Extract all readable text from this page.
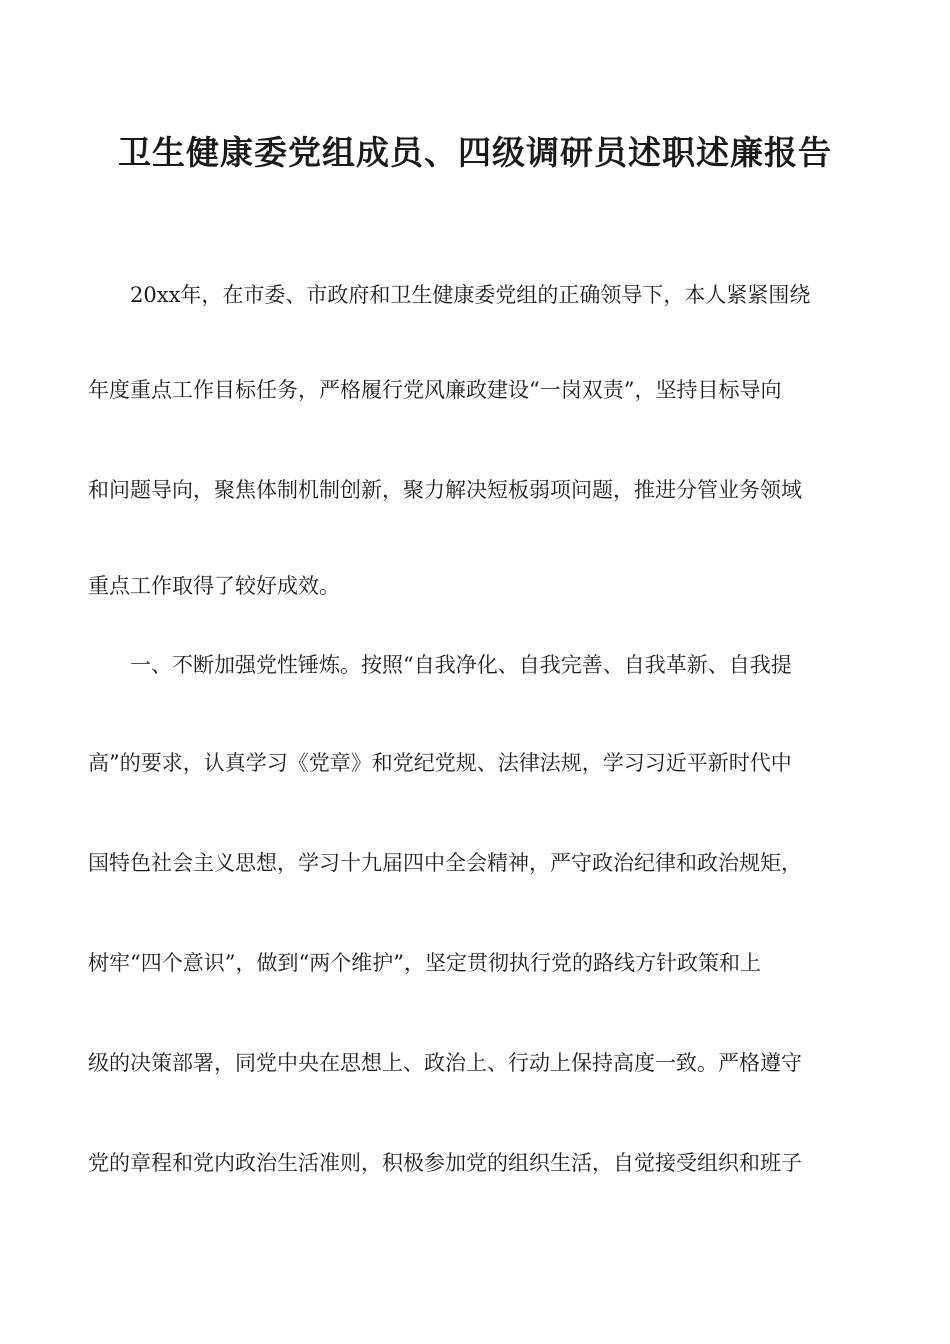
卫生健康委党组成员、四级调研员述职述廉报告

20xx年，在市委、市政府和卫生健康委党组的正确领导下，本人紧紧围绕

年度重点工作目标任务，严格履行党风廉政建设“一岗双责”，坚持目标导向

和问题导向，聚焦体制机制创新，聚力解决短板弱项问题，推进分管业务领域

重点工作取得了较好成效。

一、不断加强党性锤炼。按照“自我净化、自我完善、自我革新、自我提

高”的要求，认真学习《党章》和党纪党规、法律法规，学习习近平新时代中

国特色社会主义思想，学习十九届四中全会精神，严守政治纪律和政治规矩，

树牢“四个意识”，做到“两个维护”，坚定贯彻执行党的路线方针政策和上

级的决策部署，同党中央在思想上、政治上、行动上保持高度一致。严格遵守

党的章程和党内政治生活准则，积极参加党的组织生活，自觉接受组织和班子
